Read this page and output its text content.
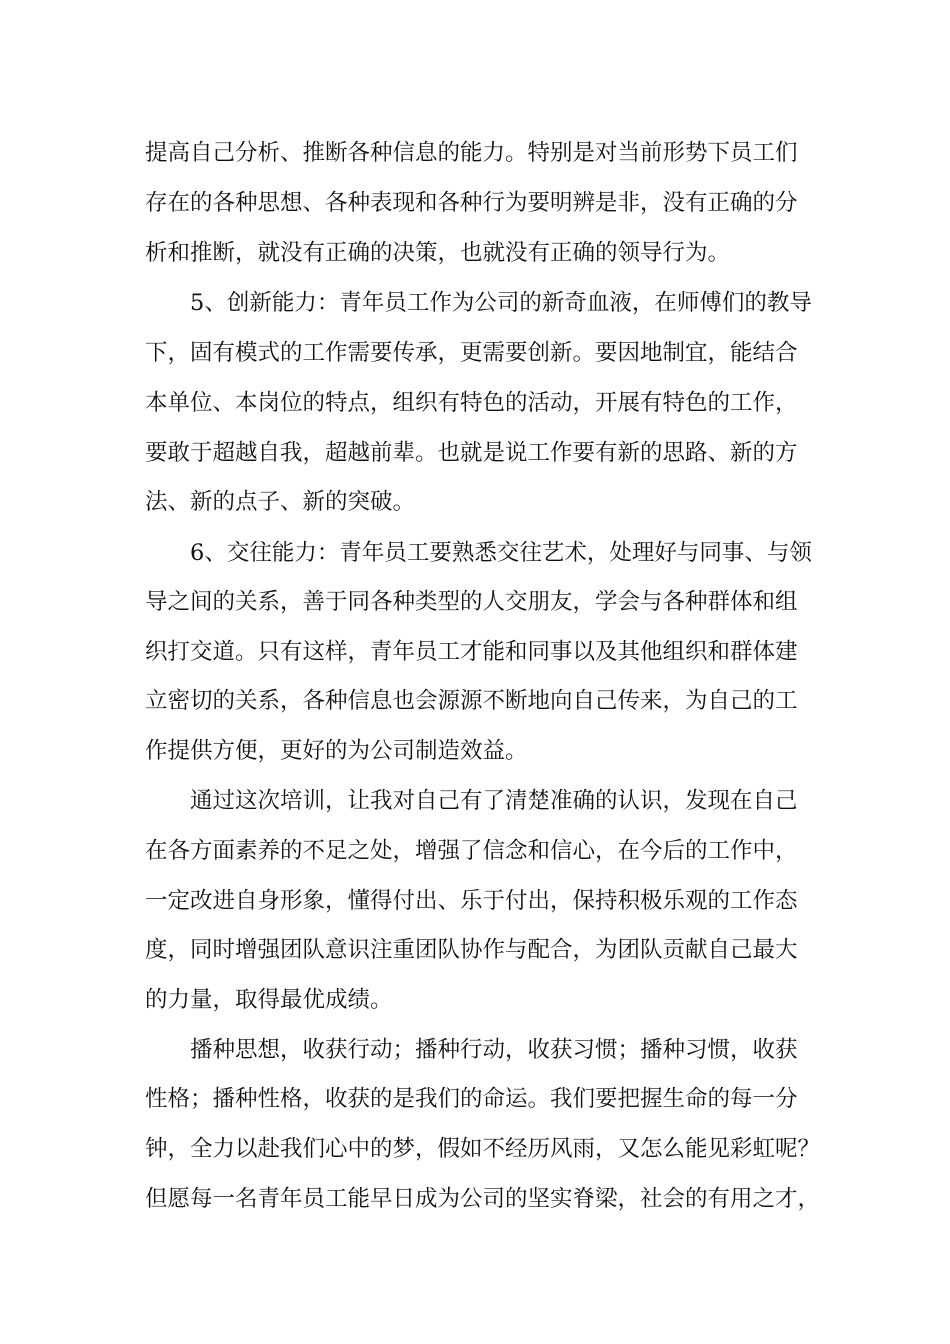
提高自己分析、推断各种信息的能力。特别是对当前形势下员工们
存在的各种思想、各种表现和各种行为要明辨是非，没有正确的分
析和推断，就没有正确的决策，也就没有正确的领导行为。
5、创新能力：青年员工作为公司的新奇血液，在师傅们的教导
下，固有模式的工作需要传承，更需要创新。要因地制宜，能结合
本单位、本岗位的特点，组织有特色的活动，开展有特色的工作，
要敢于超越自我，超越前辈。也就是说工作要有新的思路、新的方
法、新的点子、新的突破。
6、交往能力：青年员工要熟悉交往艺术，处理好与同事、与领
导之间的关系，善于同各种类型的人交朋友，学会与各种群体和组
织打交道。只有这样，青年员工才能和同事以及其他组织和群体建
立密切的关系，各种信息也会源源不断地向自己传来，为自己的工
作提供方便，更好的为公司制造效益。
通过这次培训，让我对自己有了清楚准确的认识，发现在自己
在各方面素养的不足之处，增强了信念和信心，在今后的工作中，
一定改进自身形象，懂得付出、乐于付出，保持积极乐观的工作态
度，同时增强团队意识注重团队协作与配合，为团队贡献自己最大
的力量，取得最优成绩。
播种思想，收获行动；播种行动，收获习惯；播种习惯，收获
性格；播种性格，收获的是我们的命运。我们要把握生命的每一分
钟，全力以赴我们心中的梦，假如不经历风雨，又怎么能见彩虹呢？
但愿每一名青年员工能早日成为公司的坚实脊梁，社会的有用之才，
